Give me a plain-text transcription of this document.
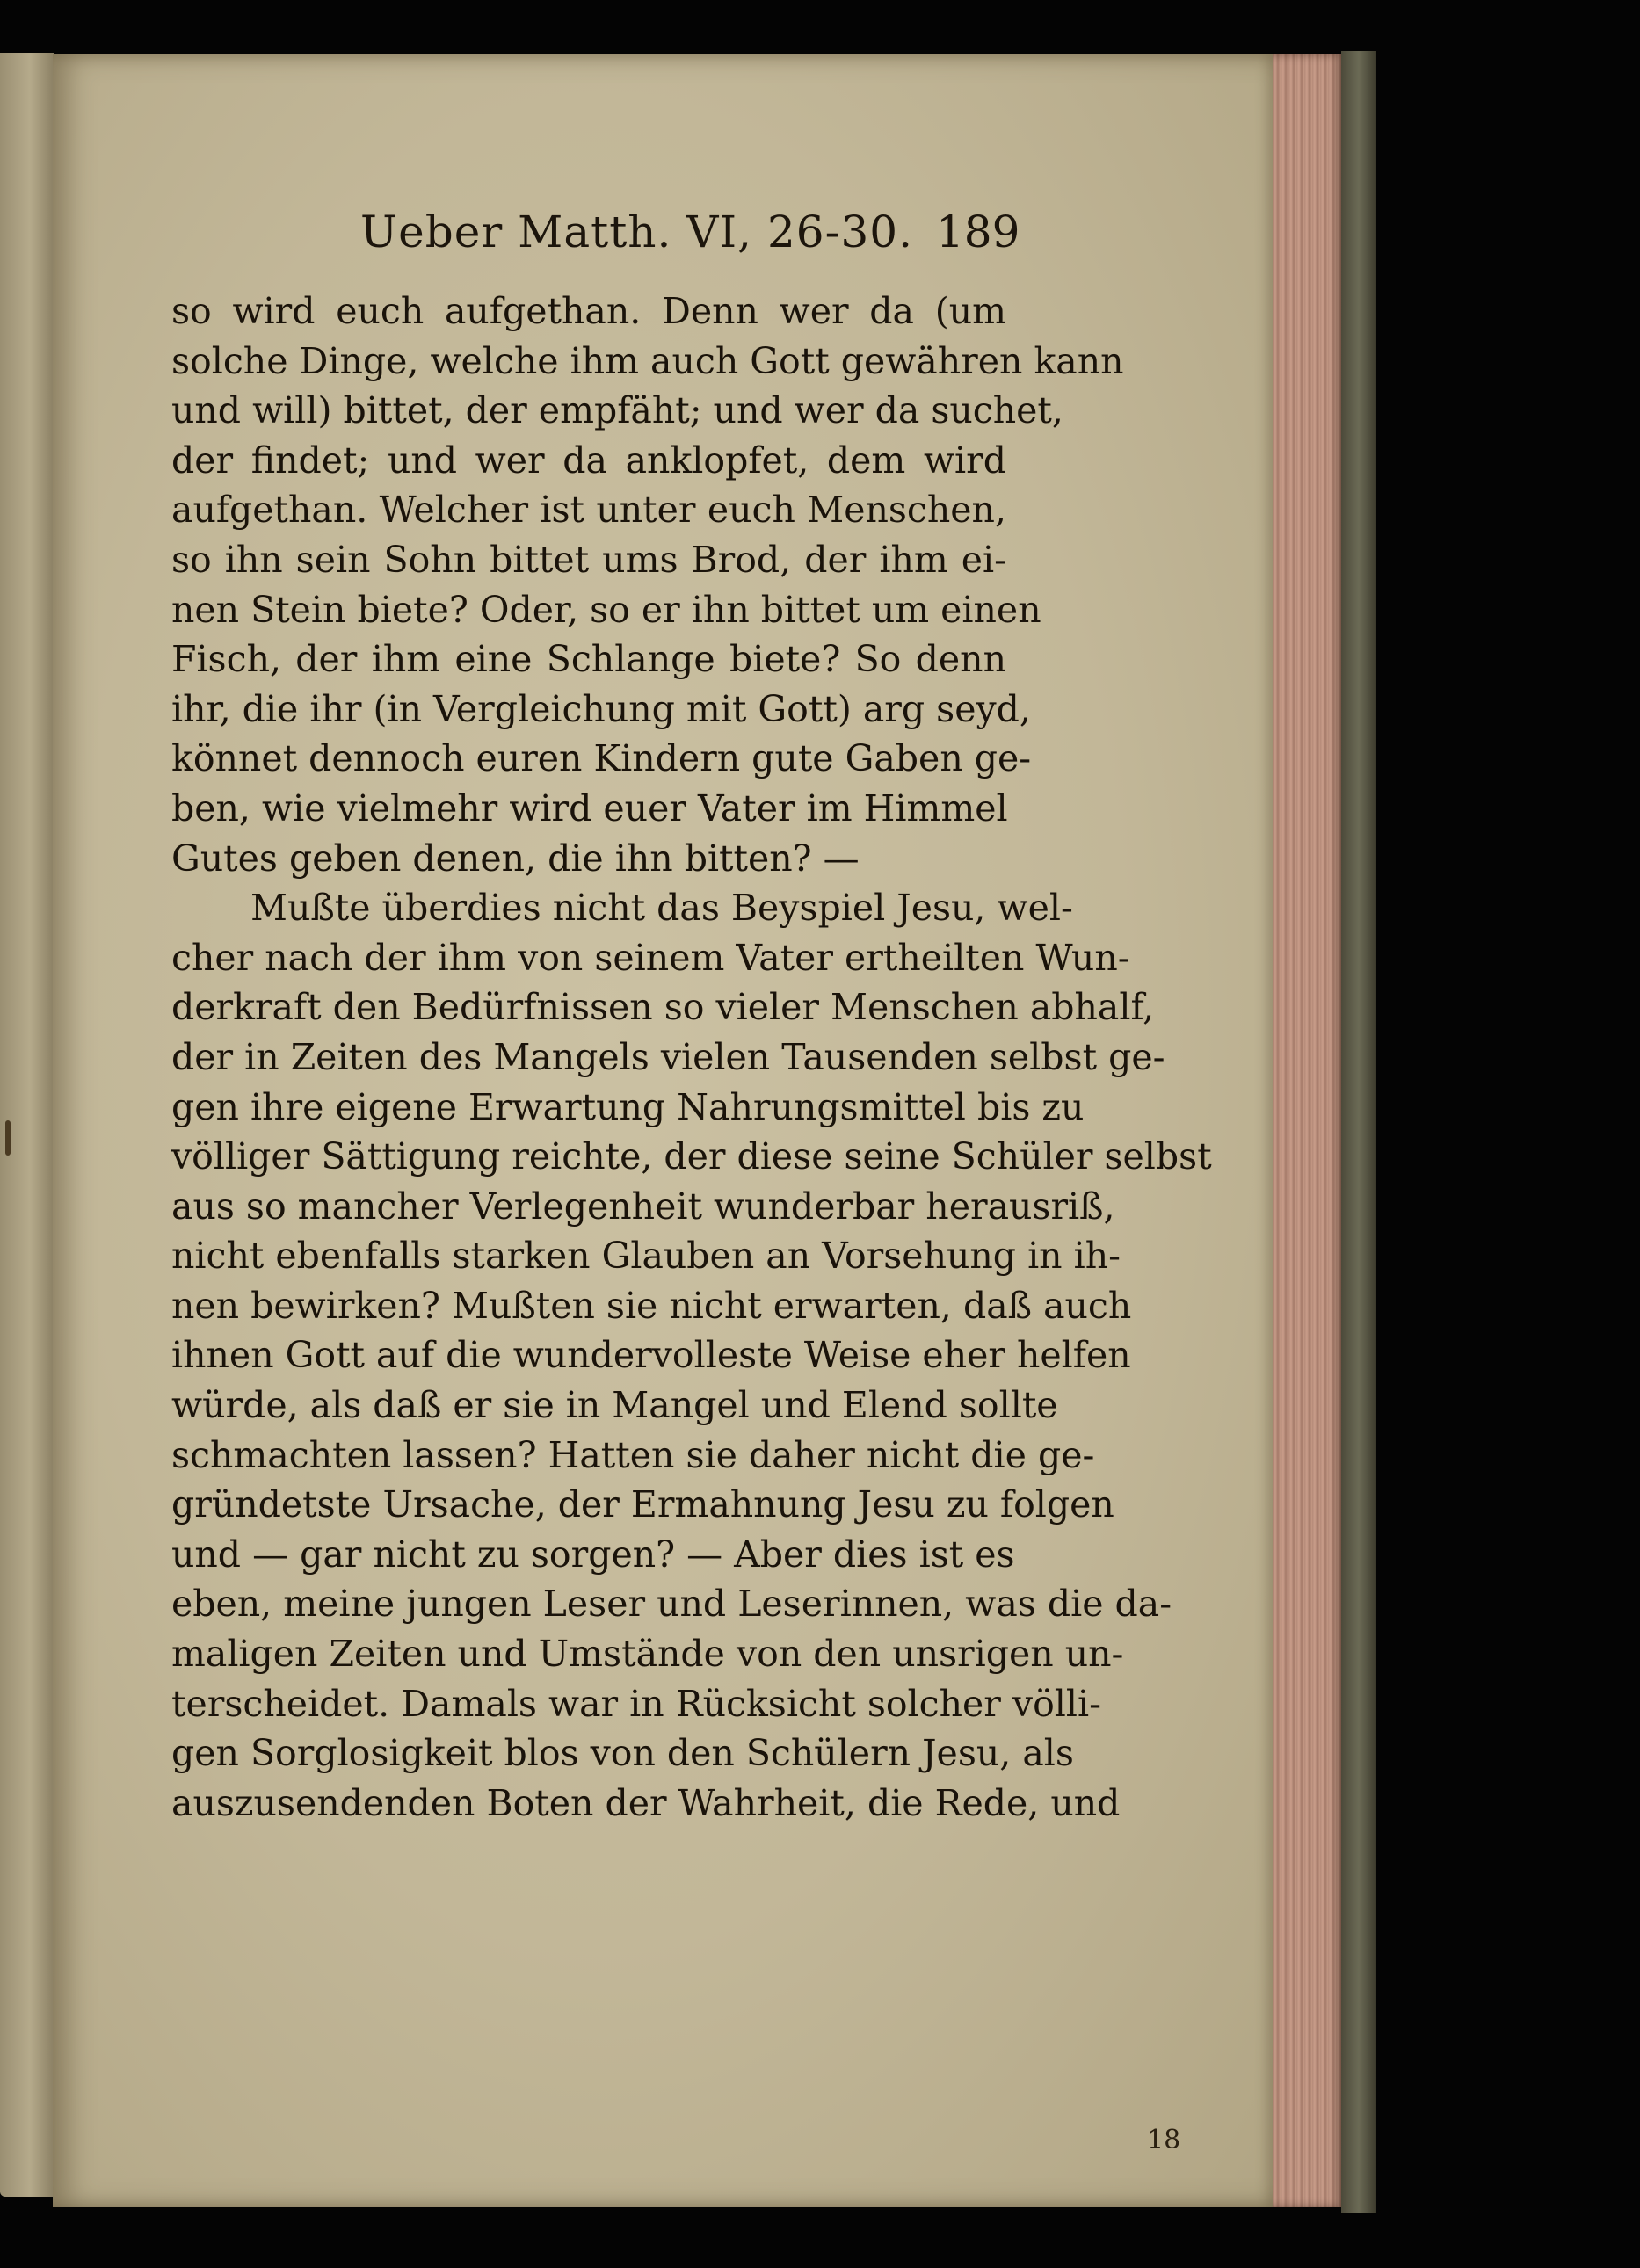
Ueber Matth. VI, 26-30. 189
so wird euch aufgethan. Denn wer da (um
solche Dinge, welche ihm auch Gott gewähren kann
und will) bittet, der empfäht; und wer da suchet,
der findet; und wer da anklopfet, dem wird
aufgethan. Welcher ist unter euch Menschen,
so ihn sein Sohn bittet ums Brod, der ihm ei-
nen Stein biete? Oder, so er ihn bittet um einen
Fisch, der ihm eine Schlange biete? So denn
ihr, die ihr (in Vergleichung mit Gott) arg seyd,
könnet dennoch euren Kindern gute Gaben ge-
ben, wie vielmehr wird euer Vater im Himmel
Gutes geben denen, die ihn bitten? —
Mußte überdies nicht das Beyspiel Jesu, wel-
cher nach der ihm von seinem Vater ertheilten Wun-
derkraft den Bedürfnissen so vieler Menschen abhalf,
der in Zeiten des Mangels vielen Tausenden selbst ge-
gen ihre eigene Erwartung Nahrungsmittel bis zu
völliger Sättigung reichte, der diese seine Schüler selbst
aus so mancher Verlegenheit wunderbar herausriß,
nicht ebenfalls starken Glauben an Vorsehung in ih-
nen bewirken? Mußten sie nicht erwarten, daß auch
ihnen Gott auf die wundervolleste Weise eher helfen
würde, als daß er sie in Mangel und Elend sollte
schmachten lassen? Hatten sie daher nicht die ge-
gründetste Ursache, der Ermahnung Jesu zu folgen
und — gar nicht zu sorgen? — Aber dies ist es
eben, meine jungen Leser und Leserinnen, was die da-
maligen Zeiten und Umstände von den unsrigen un-
terscheidet. Damals war in Rücksicht solcher völli-
gen Sorglosigkeit blos von den Schülern Jesu, als
auszusendenden Boten der Wahrheit, die Rede, und
18
